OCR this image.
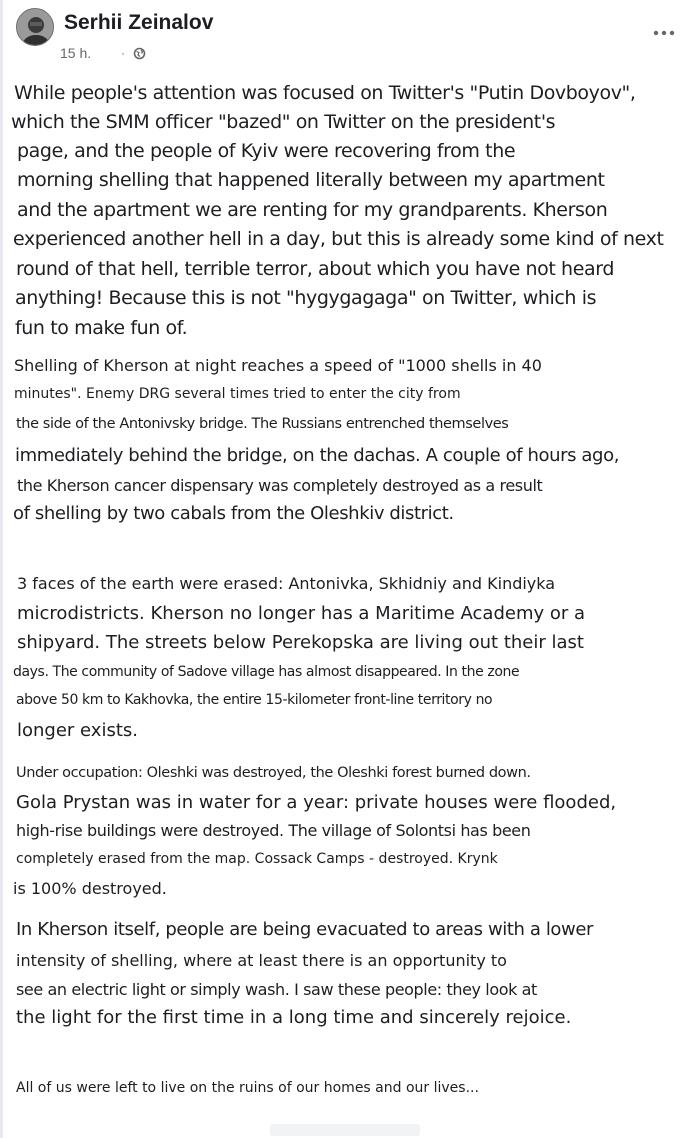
Serhii Zeinalov
15 h. ·
While people's attention was focused on Twitter's "Putin Dovboyov",
which the SMM officer "bazed" on Twitter on the president's
page, and the people of Kyiv were recovering from the
morning shelling that happened literally between my apartment
and the apartment we are renting for my grandparents. Kherson
experienced another hell in a day, but this is already some kind of next
round of that hell, terrible terror, about which you have not heard
anything! Because this is not "hygygagaga" on Twitter, which is
fun to make fun of.
Shelling of Kherson at night reaches a speed of "1000 shells in 40
minutes". Enemy DRG several times tried to enter the city from
the side of the Antonivsky bridge. The Russians entrenched themselves
immediately behind the bridge, on the dachas. A couple of hours ago,
the Kherson cancer dispensary was completely destroyed as a result
of shelling by two cabals from the Oleshkiv district.
3 faces of the earth were erased: Antonivka, Skhidniy and Kindiyka
microdistricts. Kherson no longer has a Maritime Academy or a
shipyard. The streets below Perekopska are living out their last
days. The community of Sadove village has almost disappeared. In the zone
above 50 km to Kakhovka, the entire 15-kilometer front-line territory no
longer exists.
Under occupation: Oleshki was destroyed, the Oleshki forest burned down.
Gola Prystan was in water for a year: private houses were flooded,
high-rise buildings were destroyed. The village of Solontsi has been
completely erased from the map. Cossack Camps - destroyed. Krynk
is 100% destroyed.
In Kherson itself, people are being evacuated to areas with a lower
intensity of shelling, where at least there is an opportunity to
see an electric light or simply wash. I saw these people: they look at
the light for the first time in a long time and sincerely rejoice.
All of us were left to live on the ruins of our homes and our lives...
